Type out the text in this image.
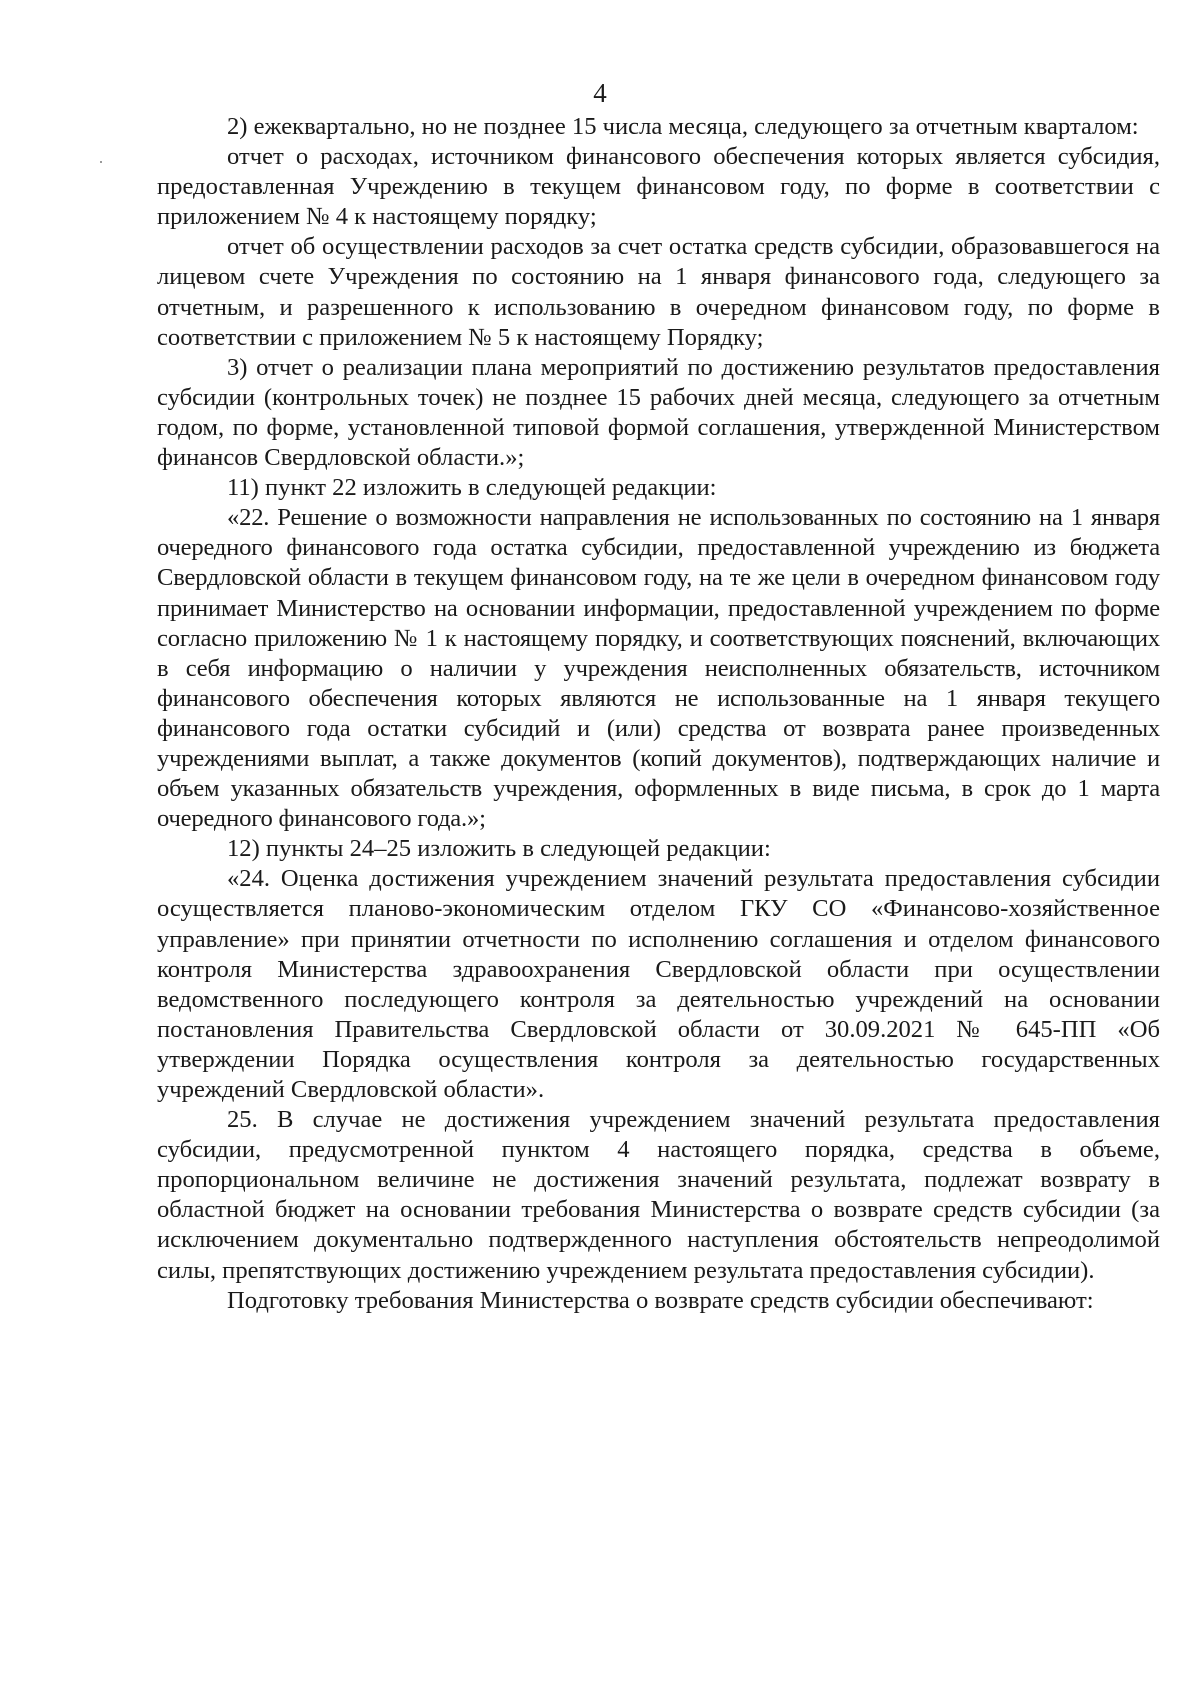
4

2) ежеквартально, но не позднее 15 числа месяца, следующего за отчетным кварталом:

отчет о расходах, источником финансового обеспечения которых является субсидия, предоставленная Учреждению в текущем финансовом году, по форме в соответствии с приложением № 4 к настоящему порядку;

отчет об осуществлении расходов за счет остатка средств субсидии, образовавшегося на лицевом счете Учреждения по состоянию на 1 января финансового года, следующего за отчетным, и разрешенного к использованию в очередном финансовом году, по форме в соответствии с приложением № 5 к настоящему Порядку;

3) отчет о реализации плана мероприятий по достижению результатов предоставления субсидии (контрольных точек) не позднее 15 рабочих дней месяца, следующего за отчетным годом, по форме, установленной типовой формой соглашения, утвержденной Министерством финансов Свердловской области.»;

11) пункт 22 изложить в следующей редакции:

«22. Решение о возможности направления не использованных по состоянию на 1 января очередного финансового года остатка субсидии, предоставленной учреждению из бюджета Свердловской области в текущем финансовом году, на те же цели в очередном финансовом году принимает Министерство на основании информации, предоставленной учреждением по форме согласно приложению № 1 к настоящему порядку, и соответствующих пояснений, включающих в себя информацию о наличии у учреждения неисполненных обязательств, источником финансового обеспечения которых являются не использованные на 1 января текущего финансового года остатки субсидий и (или) средства от возврата ранее произведенных учреждениями выплат, а также документов (копий документов), подтверждающих наличие и объем указанных обязательств учреждения, оформленных в виде письма, в срок до 1 марта очередного финансового года.»;

12) пункты 24–25 изложить в следующей редакции:

«24. Оценка достижения учреждением значений результата предоставления субсидии осуществляется планово-экономическим отделом ГКУ СО «Финансово-хозяйственное управление» при принятии отчетности по исполнению соглашения и отделом финансового контроля Министерства здравоохранения Свердловской области при осуществлении ведомственного последующего контроля за деятельностью учреждений на основании постановления Правительства Свердловской области от 30.09.2021 № 645-ПП «Об утверждении Порядка осуществления контроля за деятельностью государственных учреждений Свердловской области».

25. В случае не достижения учреждением значений результата предоставления субсидии, предусмотренной пунктом 4 настоящего порядка, средства в объеме, пропорциональном величине не достижения значений результата, подлежат возврату в областной бюджет на основании требования Министерства о возврате средств субсидии (за исключением документально подтвержденного наступления обстоятельств непреодолимой силы, препятствующих достижению учреждением результата предоставления субсидии).

Подготовку требования Министерства о возврате средств субсидии обеспечивают:
